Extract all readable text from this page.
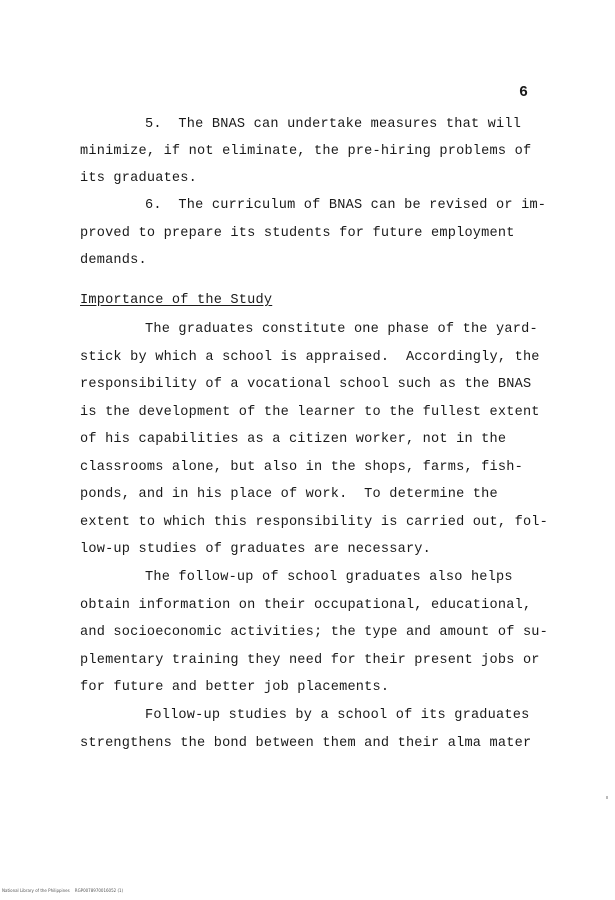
6
5.  The BNAS can undertake measures that will
minimize, if not eliminate, the pre-hiring problems of
its graduates.
6.  The curriculum of BNAS can be revised or im-
proved to prepare its students for future employment
demands.
Importance of the Study
The graduates constitute one phase of the yard-
stick by which a school is appraised.  Accordingly, the
responsibility of a vocational school such as the BNAS
is the development of the learner to the fullest extent
of his capabilities as a citizen worker, not in the
classrooms alone, but also in the shops, farms, fish-
ponds, and in his place of work.  To determine the
extent to which this responsibility is carried out, fol-
low-up studies of graduates are necessary.
The follow-up of school graduates also helps
obtain information on their occupational, educational,
and socioeconomic activities; the type and amount of su-
plementary training they need for their present jobs or
for future and better job placements.
Follow-up studies by a school of its graduates
strengthens the bond between them and their alma mater
National Library of the Philippines    RGP0078970016052 (1)
